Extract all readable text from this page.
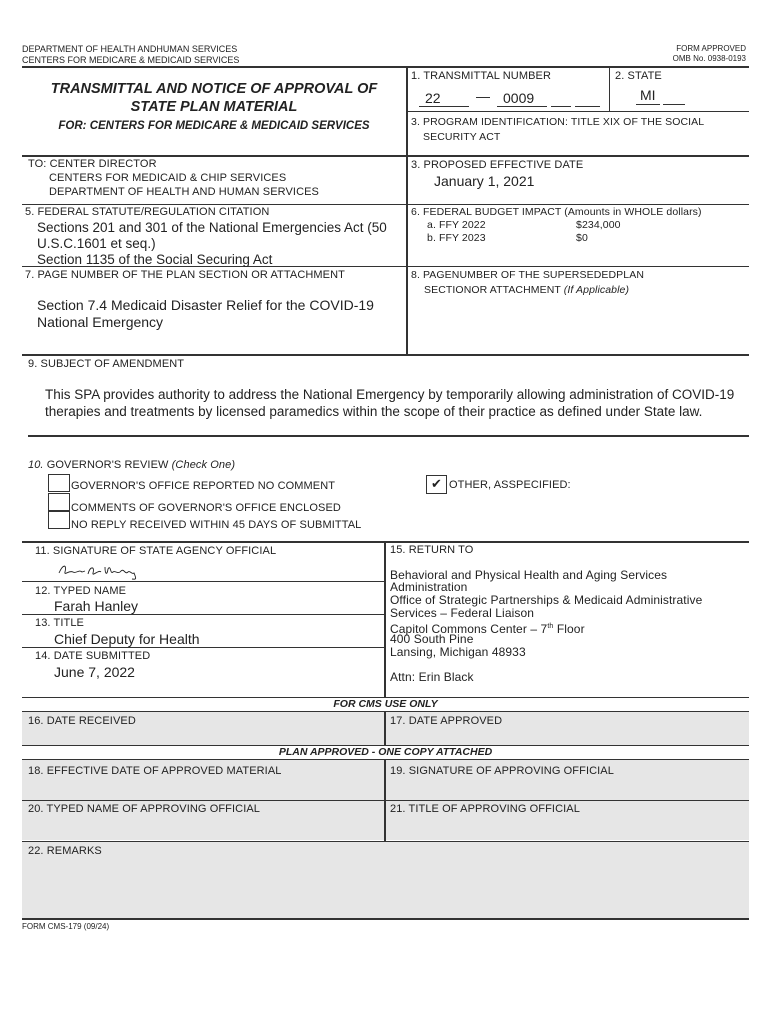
DEPARTMENT OF HEALTH ANDHUMAN SERVICES
CENTERS FOR MEDICARE & MEDICAID SERVICES
FORM APPROVED
OMB No. 0938-0193
TRANSMITTAL AND NOTICE OF APPROVAL OF
STATE PLAN MATERIAL
FOR: CENTERS FOR MEDICARE & MEDICAID SERVICES
1. TRANSMITTAL NUMBER
22	— 0009
2. STATE
MI
3. PROGRAM IDENTIFICATION: TITLE XIX OF THE SOCIAL
SECURITY ACT
TO: CENTER DIRECTOR
CENTERS FOR MEDICAID & CHIP SERVICES
DEPARTMENT OF HEALTH AND HUMAN SERVICES
3. PROPOSED EFFECTIVE DATE
January 1, 2021
5. FEDERAL STATUTE/REGULATION CITATION
Sections 201 and 301 of the National Emergencies Act (50
U.S.C.1601 et seq.)
Section 1135 of the Social Securing Act
6. FEDERAL BUDGET IMPACT (Amounts in WHOLE dollars)
a. FFY 2022	$234,000
b. FFY 2023	$0
7. PAGE NUMBER OF THE PLAN SECTION OR ATTACHMENT
Section 7.4 Medicaid Disaster Relief for the COVID-19
National Emergency
8. PAGENUMBER OF THE SUPERSEDEDPLAN
SECTIONOR ATTACHMENT (If Applicable)
9. SUBJECT OF AMENDMENT
This SPA provides authority to address the National Emergency by temporarily allowing administration of COVID-19
therapies and treatments by licensed paramedics within the scope of their practice as defined under State law.
10. GOVERNOR'S REVIEW (Check One)
GOVERNOR'S OFFICE REPORTED NO COMMENT
COMMENTS OF GOVERNOR'S OFFICE ENCLOSED
NO REPLY RECEIVED WITHIN 45 DAYS OF SUBMITTAL
✔ OTHER, ASSPECIFIED:
11. SIGNATURE OF STATE AGENCY OFFICIAL
12. TYPED NAME
Farah Hanley
13. TITLE
Chief Deputy for Health
14. DATE SUBMITTED
June 7, 2022
15. RETURN TO
Behavioral and Physical Health and Aging Services
Administration
Office of Strategic Partnerships & Medicaid Administrative
Services – Federal Liaison
Capitol Commons Center – 7th Floor
400 South Pine
Lansing, Michigan 48933
Attn: Erin Black
FOR CMS USE ONLY
16. DATE RECEIVED	17. DATE APPROVED
PLAN APPROVED - ONE COPY ATTACHED
18. EFFECTIVE DATE OF APPROVED MATERIAL	19. SIGNATURE OF APPROVING OFFICIAL
20. TYPED NAME OF APPROVING OFFICIAL	21. TITLE OF APPROVING OFFICIAL
22. REMARKS
FORM CMS-179 (09/24)
